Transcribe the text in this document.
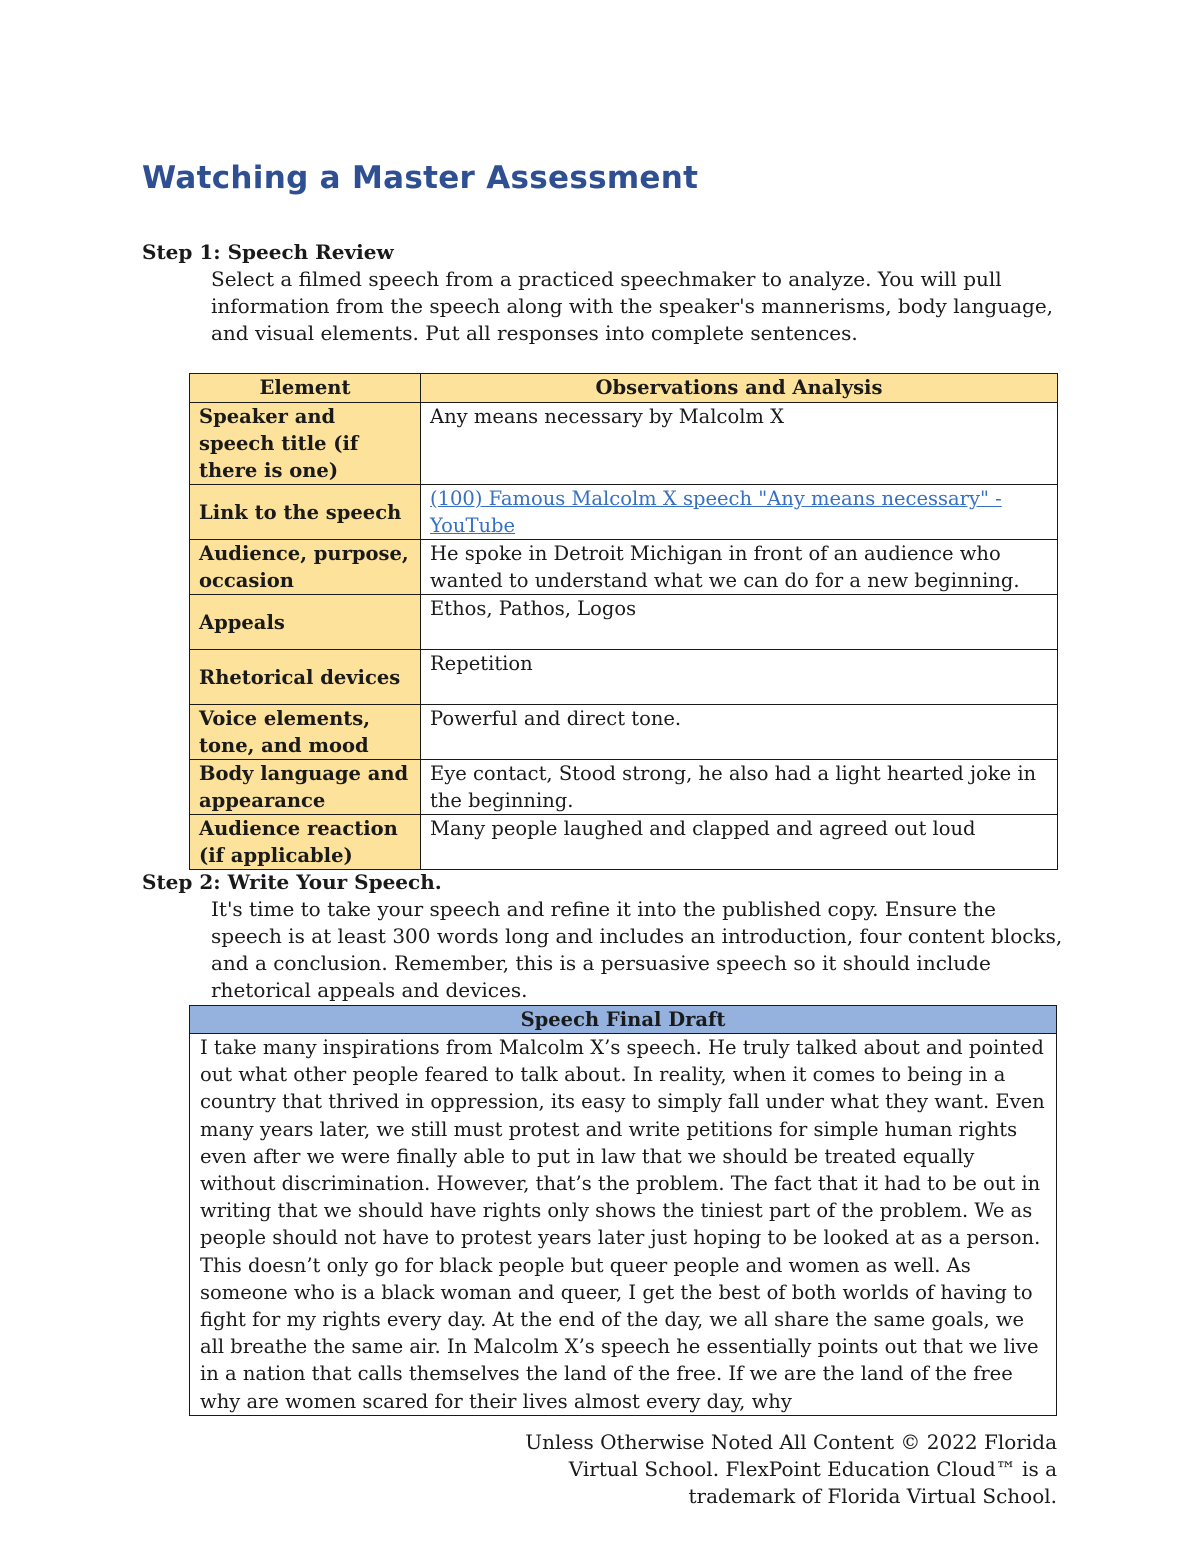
Watching a Master Assessment
Step 1: Speech Review
Select a filmed speech from a practiced speechmaker to analyze. You will pull information from the speech along with the speaker's mannerisms, body language, and visual elements. Put all responses into complete sentences.
Element	Observations and Analysis
Speaker and speech title (if there is one)	Any means necessary by Malcolm X
Link to the speech	(100) Famous Malcolm X speech "Any means necessary" - YouTube
Audience, purpose, occasion	He spoke in Detroit Michigan in front of an audience who wanted to understand what we can do for a new beginning.
Appeals	Ethos, Pathos, Logos
Rhetorical devices	Repetition
Voice elements, tone, and mood	Powerful and direct tone.
Body language and appearance	Eye contact, Stood strong, he also had a light hearted joke in the beginning.
Audience reaction (if applicable)	Many people laughed and clapped and agreed out loud
Step 2: Write Your Speech.
It's time to take your speech and refine it into the published copy. Ensure the speech is at least 300 words long and includes an introduction, four content blocks, and a conclusion. Remember, this is a persuasive speech so it should include rhetorical appeals and devices.
Speech Final Draft
I take many inspirations from Malcolm X’s speech. He truly talked about and pointed out what other people feared to talk about. In reality, when it comes to being in a country that thrived in oppression, its easy to simply fall under what they want. Even many years later, we still must protest and write petitions for simple human rights even after we were finally able to put in law that we should be treated equally without discrimination. However, that’s the problem. The fact that it had to be out in writing that we should have rights only shows the tiniest part of the problem. We as people should not have to protest years later just hoping to be looked at as a person. This doesn’t only go for black people but queer people and women as well. As someone who is a black woman and queer, I get the best of both worlds of having to fight for my rights every day. At the end of the day, we all share the same goals, we all breathe the same air. In Malcolm X’s speech he essentially points out that we live in a nation that calls themselves the land of the free. If we are the land of the free why are women scared for their lives almost every day, why
Unless Otherwise Noted All Content © 2022 Florida Virtual School. FlexPoint Education Cloud™ is a trademark of Florida Virtual School.
